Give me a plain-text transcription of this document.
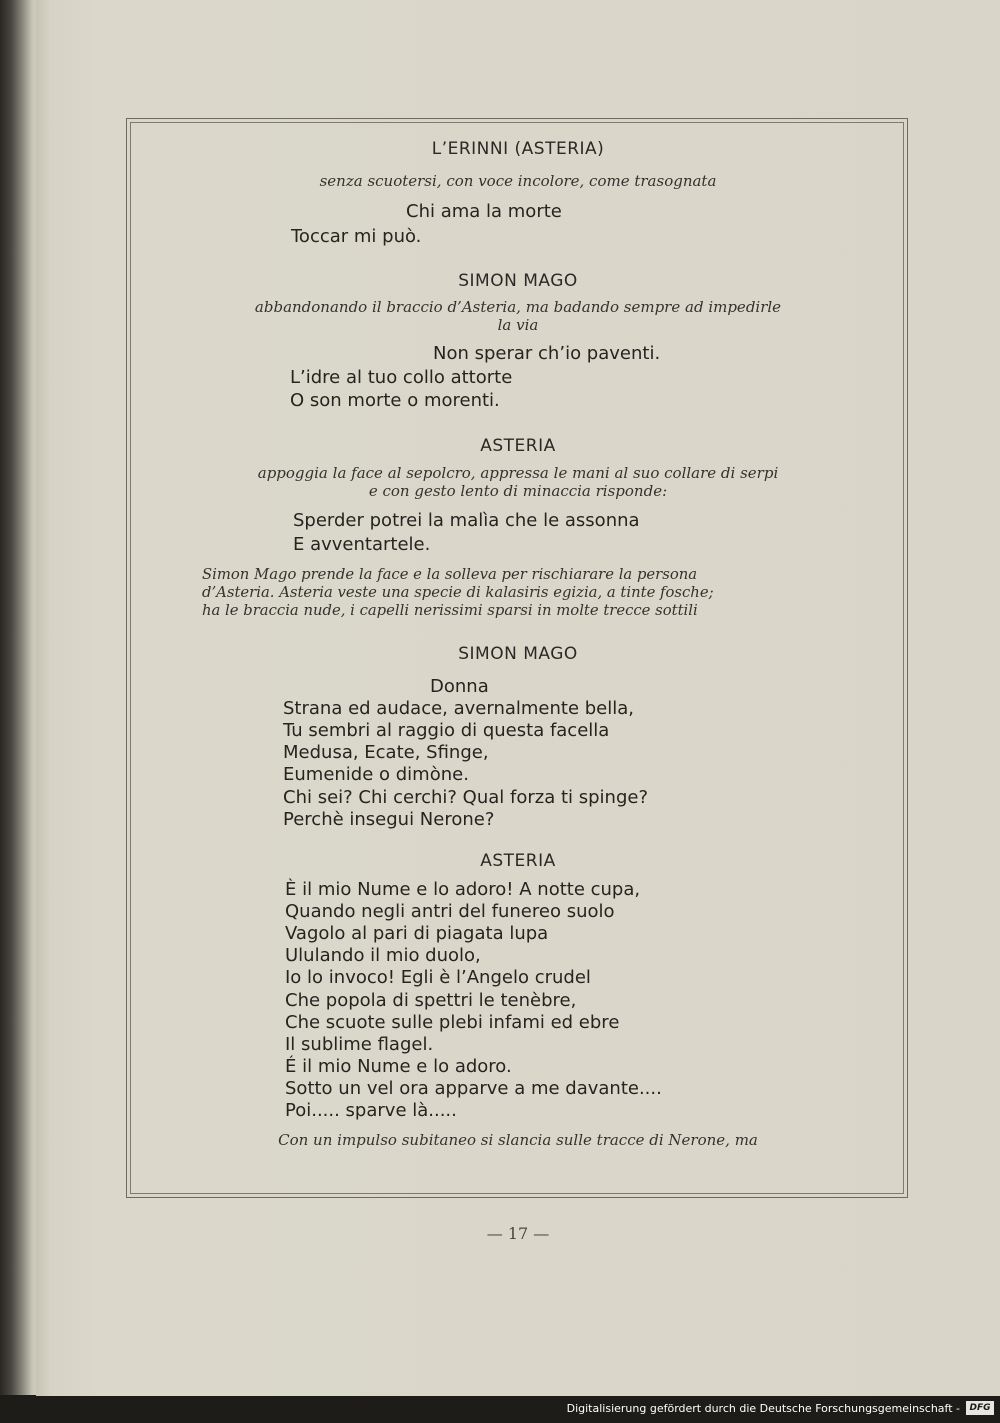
L’ERINNI (ASTERIA)
senza scuotersi, con voce incolore, come trasognata
Chi ama la morte
Toccar mi può.
SIMON MAGO
abbandonando il braccio d’Asteria, ma badando sempre ad impedirle
la via
Non sperar ch’io paventi.
L’idre al tuo collo attorte
O son morte o morenti.
ASTERIA
appoggia la face al sepolcro, appressa le mani al suo collare di serpi
e con gesto lento di minaccia risponde:
Sperder potrei la malìa che le assonna
E avventartele.
Simon Mago prende la face e la solleva per rischiarare la persona
d’Asteria. Asteria veste una specie di kalasiris egizia, a tinte fosche;
ha le braccia nude, i capelli nerissimi sparsi in molte trecce sottili
SIMON MAGO
Donna
Strana ed audace, avernalmente bella,
Tu sembri al raggio di questa facella
Medusa, Ecate, Sfinge,
Eumenide o dimòne.
Chi sei? Chi cerchi? Qual forza ti spinge?
Perchè insegui Nerone?
ASTERIA
È il mio Nume e lo adoro! A notte cupa,
Quando negli antri del funereo suolo
Vagolo al pari di piagata lupa
Ululando il mio duolo,
Io lo invoco! Egli è l’Angelo crudel
Che popola di spettri le tenèbre,
Che scuote sulle plebi infami ed ebre
Il sublime flagel.
É il mio Nume e lo adoro.
Sotto un vel ora apparve a me davante....
Poi..... sparve là.....
Con un impulso subitaneo si slancia sulle tracce di Nerone, ma
— 17 —
Digitalisierung gefördert durch die Deutsche Forschungsgemeinschaft -	DFG
